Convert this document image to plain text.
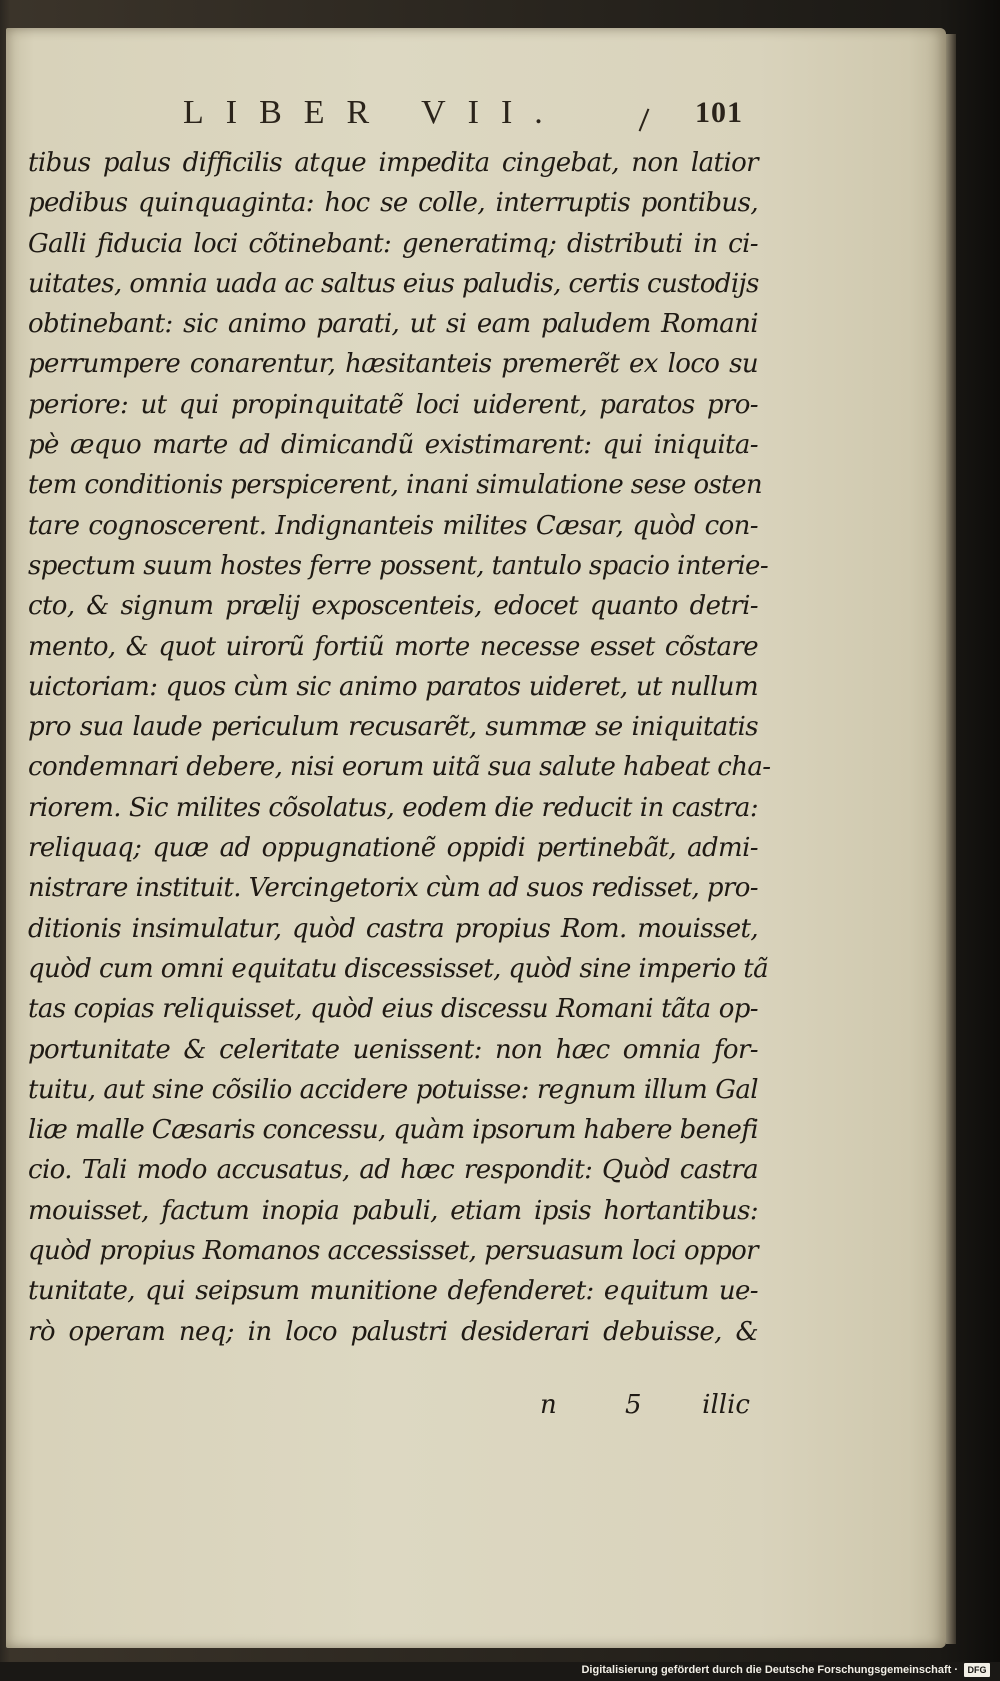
LIBER VII.	101
tibus palus difficilis atque impedita cingebat, non latior
pedibus quinquaginta: hoc se colle, interruptis pontibus,
Galli fiducia loci cõtinebant: generatimq; distributi in ci-
uitates, omnia uada ac saltus eius paludis, certis custodijs
obtinebant: sic animo parati, ut si eam paludem Romani
perrumpere conarentur, hæsitanteis premerẽt ex loco su
periore: ut qui propinquitatẽ loci uiderent, paratos pro-
pè æquo marte ad dimicandũ existimarent: qui iniquita-
tem conditionis perspicerent, inani simulatione sese osten
tare cognoscerent. Indignanteis milites Cæsar, quòd con-
spectum suum hostes ferre possent, tantulo spacio interie-
cto, & signum prælij exposcenteis, edocet quanto detri-
mento, & quot uirorũ fortiũ morte necesse esset cõstare
uictoriam: quos cùm sic animo paratos uideret, ut nullum
pro sua laude periculum recusarẽt, summæ se iniquitatis
condemnari debere, nisi eorum uitã sua salute habeat cha-
riorem. Sic milites cõsolatus, eodem die reducit in castra:
reliquaq; quæ ad oppugnationẽ oppidi pertinebãt, admi-
nistrare instituit. Vercingetorix cùm ad suos redisset, pro-
ditionis insimulatur, quòd castra propius Rom. mouisset,
quòd cum omni equitatu discessisset, quòd sine imperio tã
tas copias reliquisset, quòd eius discessu Romani tãta op-
portunitate & celeritate uenissent: non hæc omnia for-
tuitu, aut sine cõsilio accidere potuisse: regnum illum Gal
liæ malle Cæsaris concessu, quàm ipsorum habere benefi
cio. Tali modo accusatus, ad hæc respondit: Quòd castra
mouisset, factum inopia pabuli, etiam ipsis hortantibus:
quòd propius Romanos accessisset, persuasum loci oppor
tunitate, qui seipsum munitione defenderet: equitum ue-
rò operam neq; in loco palustri desiderari debuisse, &
n 5 illic
Digitalisierung gefördert durch die Deutsche Forschungsgemeinschaft ·	DFG
